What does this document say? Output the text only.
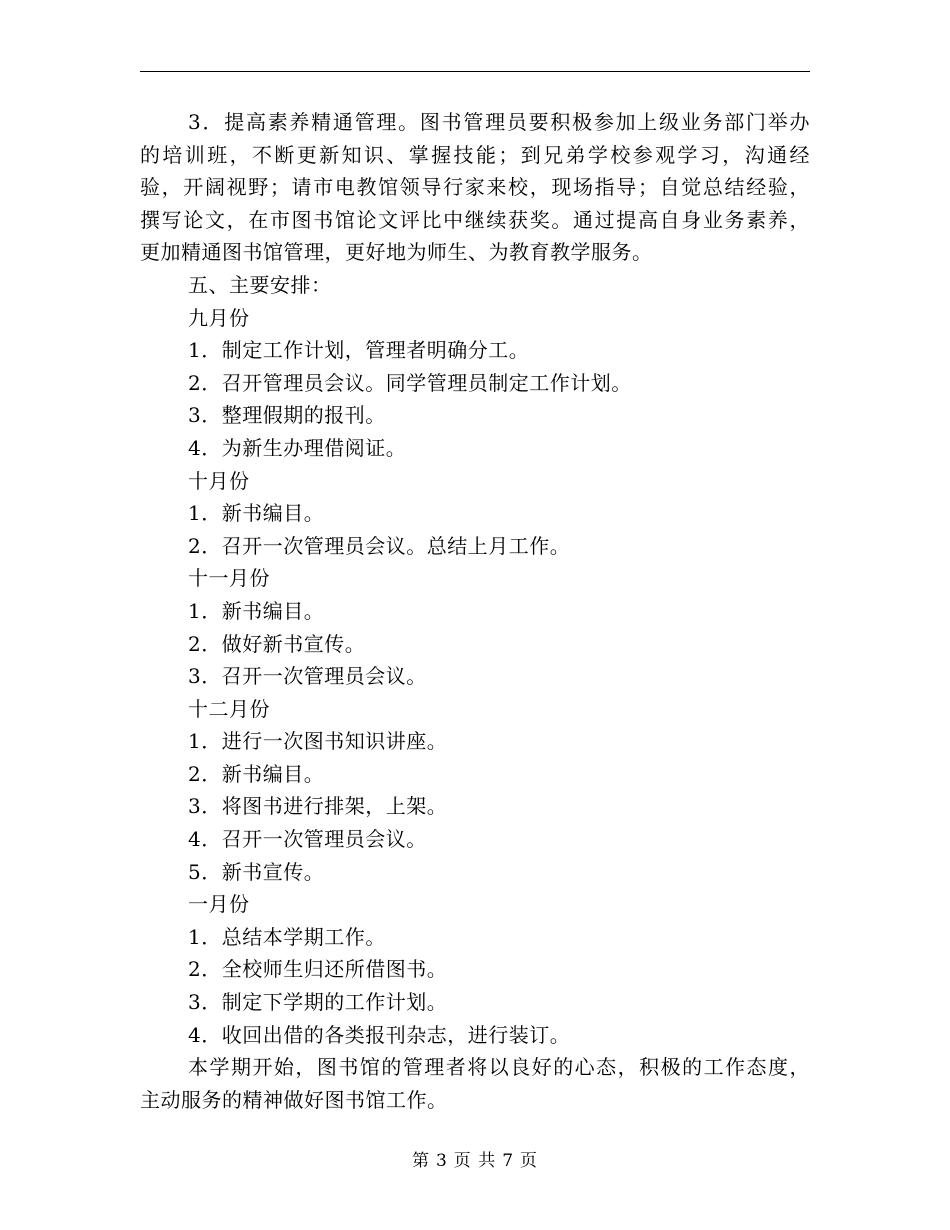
3．提高素养精通管理。图书管理员要积极参加上级业务部门举办
的培训班，不断更新知识、掌握技能；到兄弟学校参观学习，沟通经
验，开阔视野；请市电教馆领导行家来校，现场指导；自觉总结经验，
撰写论文，在市图书馆论文评比中继续获奖。通过提高自身业务素养，
更加精通图书馆管理，更好地为师生、为教育教学服务。
五、主要安排：
九月份
1．制定工作计划，管理者明确分工。
2．召开管理员会议。同学管理员制定工作计划。
3．整理假期的报刊。
4．为新生办理借阅证。
十月份
1．新书编目。
2．召开一次管理员会议。总结上月工作。
十一月份
1．新书编目。
2．做好新书宣传。
3．召开一次管理员会议。
十二月份
1．进行一次图书知识讲座。
2．新书编目。
3．将图书进行排架，上架。
4．召开一次管理员会议。
5．新书宣传。
一月份
1．总结本学期工作。
2．全校师生归还所借图书。
3．制定下学期的工作计划。
4．收回出借的各类报刊杂志，进行装订。
本学期开始，图书馆的管理者将以良好的心态，积极的工作态度，
主动服务的精神做好图书馆工作。
第 3 页 共 7 页
